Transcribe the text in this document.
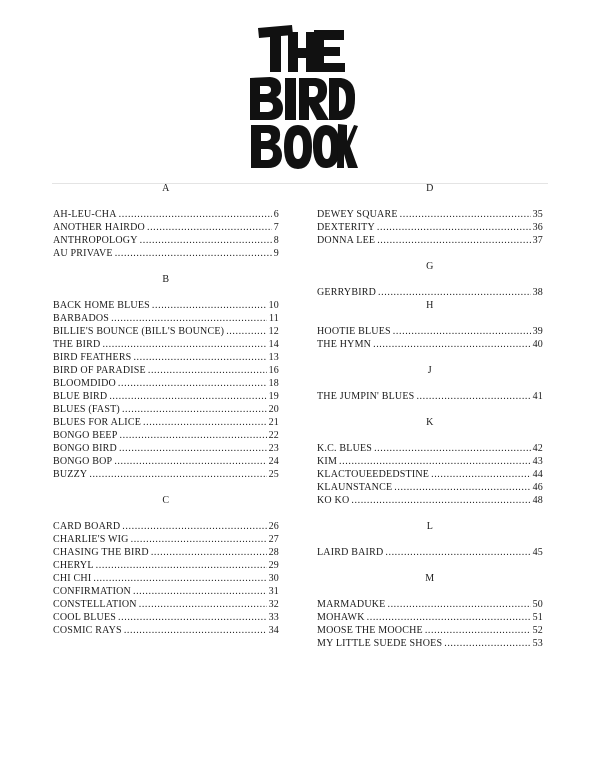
A
AH-LEU-CHA .....	6
ANOTHER HAIRDO .....	7
ANTHROPOLOGY .....	8
AU PRIVAVE .....	9
B
BACK HOME BLUES .....	10
BARBADOS .....	11
BILLIE'S BOUNCE (BILL'S BOUNCE) .....	12
THE BIRD .....	14
BIRD FEATHERS .....	13
BIRD OF PARADISE .....	16
BLOOMDIDO .....	18
BLUE BIRD .....	19
BLUES (FAST) .....	20
BLUES FOR ALICE .....	21
BONGO BEEP .....	22
BONGO BIRD .....	23
BONGO BOP .....	24
BUZZY .....	25
C
CARD BOARD .....	26
CHARLIE'S WIG .....	27
CHASING THE BIRD .....	28
CHERYL .....	29
CHI CHI .....	30
CONFIRMATION .....	31
CONSTELLATION .....	32
COOL BLUES .....	33
COSMIC RAYS .....	34
D
DEWEY SQUARE .....	35
DEXTERITY .....	36
DONNA LEE .....	37
G
GERRYBIRD .....	38
H
HOOTIE BLUES .....	39
THE HYMN .....	40
J
THE JUMPIN' BLUES .....	41
K
K.C. BLUES .....	42
KIM .....	43
KLACTOUEEDEDSTINE .....	44
KLAUNSTANCE .....	46
KO KO .....	48
L
LAIRD BAIRD .....	45
M
MARMADUKE .....	50
MOHAWK .....	51
MOOSE THE MOOCHE .....	52
MY LITTLE SUEDE SHOES .....	53
